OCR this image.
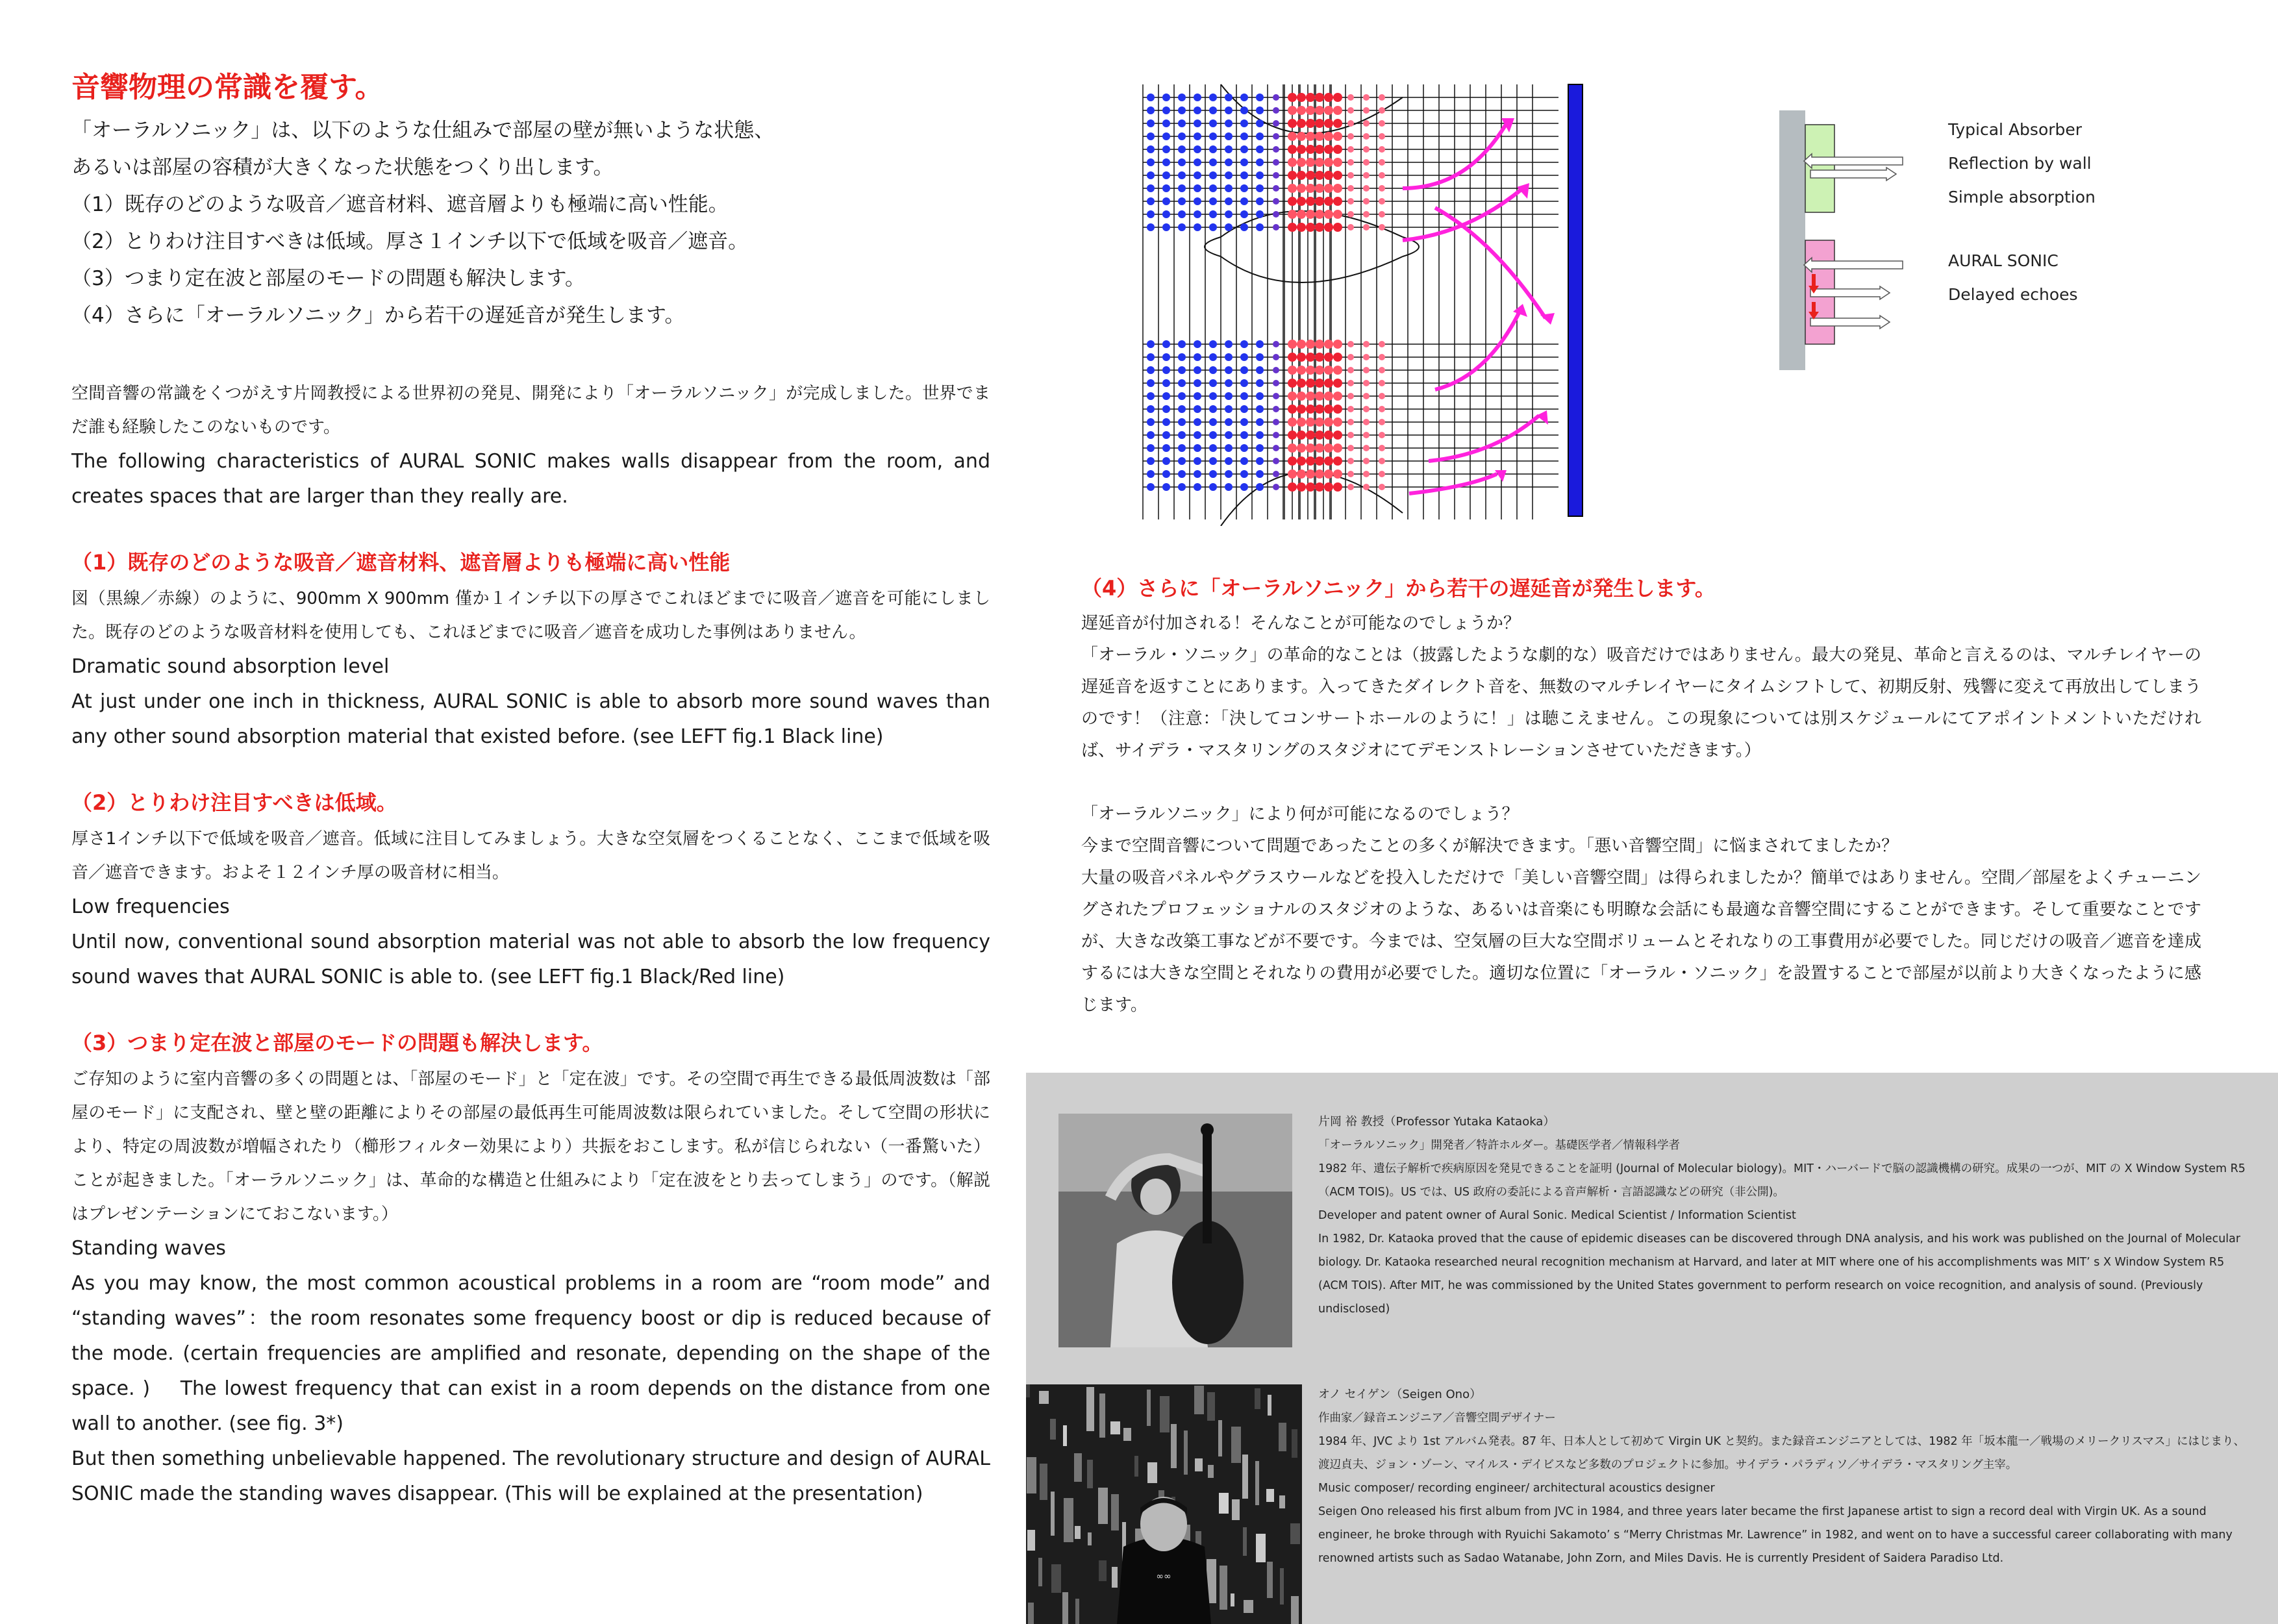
音響物理の常識を覆す。

「オーラルソニック」は、以下のような仕組みで部屋の壁が無いような状態、

あるいは部屋の容積が大きくなった状態をつくり出します。

（1）既存のどのような吸音／遮音材料、遮音層よりも極端に高い性能。

（2）とりわけ注目すべきは低域。厚さ１インチ以下で低域を吸音／遮音。

（3）つまり定在波と部屋のモードの問題も解決します。

（4）さらに「オーラルソニック」から若干の遅延音が発生します。

空間音響の常識をくつがえす片岡教授による世界初の発見、開発により「オーラルソニック」が完成しました。世界でまだ誰も経験したこのないものです。

The following characteristics of AURAL SONIC makes walls disappear from the room, and creates spaces that are larger than they really are.

（1）既存のどのような吸音／遮音材料、遮音層よりも極端に高い性能

図（黒線／赤線）のように、900mm X 900mm 僅か１インチ以下の厚さでこれほどまでに吸音／遮音を可能にしました。既存のどのような吸音材料を使用しても、これほどまでに吸音／遮音を成功した事例はありません。

Dramatic sound absorption level

At just under one inch in thickness, AURAL SONIC is able to absorb more sound waves than any other sound absorption material that existed before. (see LEFT fig.1 Black line)

（2）とりわけ注目すべきは低域。

厚さ1インチ以下で低域を吸音／遮音。低域に注目してみましょう。大きな空気層をつくることなく、ここまで低域を吸音／遮音できます。およそ１２インチ厚の吸音材に相当。

Low frequencies

Until now, conventional sound absorption material was not able to absorb the low frequency sound waves that AURAL SONIC is able to. (see LEFT fig.1 Black/Red line)

（3）つまり定在波と部屋のモードの問題も解決します。

ご存知のように室内音響の多くの問題とは、「部屋のモード」と「定在波」です。その空間で再生できる最低周波数は「部屋のモード」に支配され、壁と壁の距離によりその部屋の最低再生可能周波数は限られていました。そして空間の形状により、特定の周波数が増幅されたり（櫛形フィルター効果により）共振をおこします。私が信じられない（一番驚いた）ことが起きました。「オーラルソニック」は、革命的な構造と仕組みにより「定在波をとり去ってしまう」のです。（解説はプレゼンテーションにておこないます。）

Standing waves

As you may know, the most common acoustical problems in a room are “room mode” and “standing waves”：the room resonates some frequency boost or dip is reduced because of the mode. (certain frequencies are amplified and resonate, depending on the shape of the space. )　 The lowest frequency that can exist in a room depends on the distance from one wall to another. (see fig. 3*)

But then something unbelievable happened. The revolutionary structure and design of AURAL SONIC made the standing waves disappear. (This will be explained at the presentation)

Typical Absorber
Reflection by wall
Simple absorption
AURAL SONIC
Delayed echoes
（4）さらに「オーラルソニック」から若干の遅延音が発生します。

遅延音が付加される！そんなことが可能なのでしょうか？

「オーラル・ソニック」の革命的なことは（披露したような劇的な）吸音だけではありません。最大の発見、革命と言えるのは、マルチレイヤーの遅延音を返すことにあります。入ってきたダイレクト音を、無数のマルチレイヤーにタイムシフトして、初期反射、残響に変えて再放出してしまうのです！（注意：「決してコンサートホールのように！」は聴こえません。この現象については別スケジュールにてアポイントメントいただければ、サイデラ・マスタリングのスタジオにてデモンストレーションさせていただきます。）

「オーラルソニック」により何が可能になるのでしょう？

今まで空間音響について問題であったことの多くが解決できます。「悪い音響空間」に悩まされてましたか？

大量の吸音パネルやグラスウールなどを投入しただけで「美しい音響空間」は得られましたか？簡単ではありません。空間／部屋をよくチューニングされたプロフェッショナルのスタジオのような、あるいは音楽にも明瞭な会話にも最適な音響空間にすることができます。そして重要なことですが、大きな改築工事などが不要です。今までは、空気層の巨大な空間ボリュームとそれなりの工事費用が必要でした。同じだけの吸音／遮音を達成するには大きな空間とそれなりの費用が必要でした。適切な位置に「オーラル・ソニック」を設置することで部屋が以前より大きくなったように感じます。

∞∞

片岡 裕 教授（Professor Yutaka Kataoka）

「オーラルソニック」開発者／特許ホルダー。基礎医学者／情報科学者

1982 年、遺伝子解析で疾病原因を発見できることを証明 (Journal of Molecular biology)。MIT・ハーバードで脳の認識機構の研究。成果の一つが、MIT の X Window System R5（ACM TOIS)。US では、US 政府の委託による音声解析・言語認識などの研究（非公開)。

Developer and patent owner of Aural Sonic. Medical Scientist / Information Scientist

In 1982, Dr. Kataoka proved that the cause of epidemic diseases can be discovered through DNA analysis, and his work was published on the Journal of Molecular biology. Dr. Kataoka researched neural recognition mechanism at Harvard, and later at MIT where one of his accomplishments was MIT’ s X Window System R5 (ACM TOIS). After MIT, he was commissioned by the United States government to perform research on voice recognition, and analysis of sound. (Previously undisclosed)

オノ セイゲン（Seigen Ono）

作曲家／録音エンジニア／音響空間デザイナー

1984 年、JVC より 1st アルバム発表。87 年、日本人として初めて Virgin UK と契約。また録音エンジニアとしては、1982 年「坂本龍一／戦場のメリークリスマス」にはじまり、渡辺貞夫、ジョン・ゾーン、マイルス・デイビスなど多数のプロジェクトに参加。サイデラ・パラディソ／サイデラ・マスタリング主宰。

Music composer/ recording engineer/ architectural acoustics designer

Seigen Ono released his first album from JVC in 1984, and three years later became the first Japanese artist to sign a record deal with Virgin UK. As a sound engineer, he broke through with Ryuichi Sakamoto’ s “Merry Christmas Mr. Lawrence” in 1982, and went on to have a successful career collaborating with many renowned artists such as Sadao Watanabe, John Zorn, and Miles Davis. He is currently President of Saidera Paradiso Ltd.
